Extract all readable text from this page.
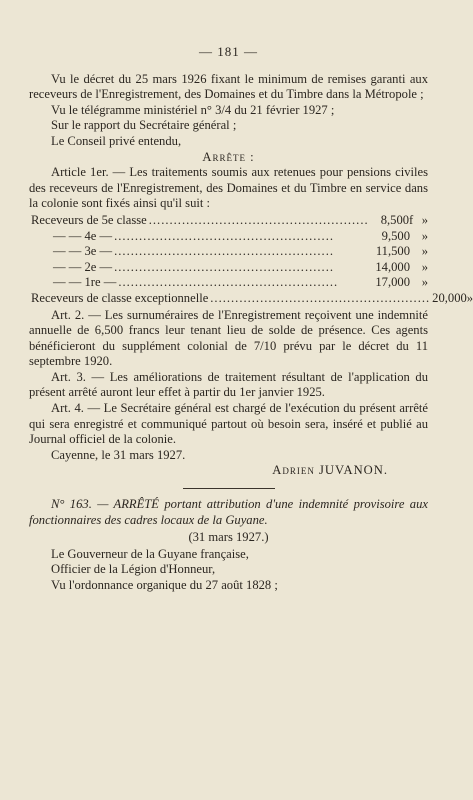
— 181 —

Vu le décret du 25 mars 1926 fixant le minimum de remises garanti aux receveurs de l'Enregistrement, des Domaines et du Timbre dans la Métropole ;

Vu le télégramme ministériel n° 3/4 du 21 février 1927 ;

Sur le rapport du Secrétaire général ;

Le Conseil privé entendu,

Arrête :

Article 1er. — Les traitements soumis aux retenues pour pensions civiles des receveurs de l'Enregistrement, des Domaines et du Timbre en service dans la colonie sont fixés ainsi qu'il suit :

Receveurs de 5e classe ..................................................... 8,500f »
— — 4e — .....................................................	9,500 »
— — 3e — .....................................................	11,500 »
— — 2e — .....................................................	14,000 »
— — 1re — .....................................................	17,000 »
Receveurs de classe exceptionnelle ..................................................... 20,000 »

Art. 2. — Les surnuméraires de l'Enregistrement reçoivent une indemnité annuelle de 6,500 francs leur tenant lieu de solde de présence. Ces agents bénéficieront du supplément colonial de 7/10 prévu par le décret du 11 septembre 1920.

Art. 3. — Les améliorations de traitement résultant de l'application du présent arrêté auront leur effet à partir du 1er janvier 1925.

Art. 4. — Le Secrétaire général est chargé de l'exécution du présent arrêté qui sera enregistré et communiqué partout où besoin sera, inséré et publié au Journal officiel de la colonie.

Cayenne, le 31 mars 1927.

Adrien JUVANON.

N° 163. — ARRÊTÉ portant attribution d'une indemnité provisoire aux fonctionnaires des cadres locaux de la Guyane.

(31 mars 1927.)

Le Gouverneur de la Guyane française,

Officier de la Légion d'Honneur,

Vu l'ordonnance organique du 27 août 1828 ;
